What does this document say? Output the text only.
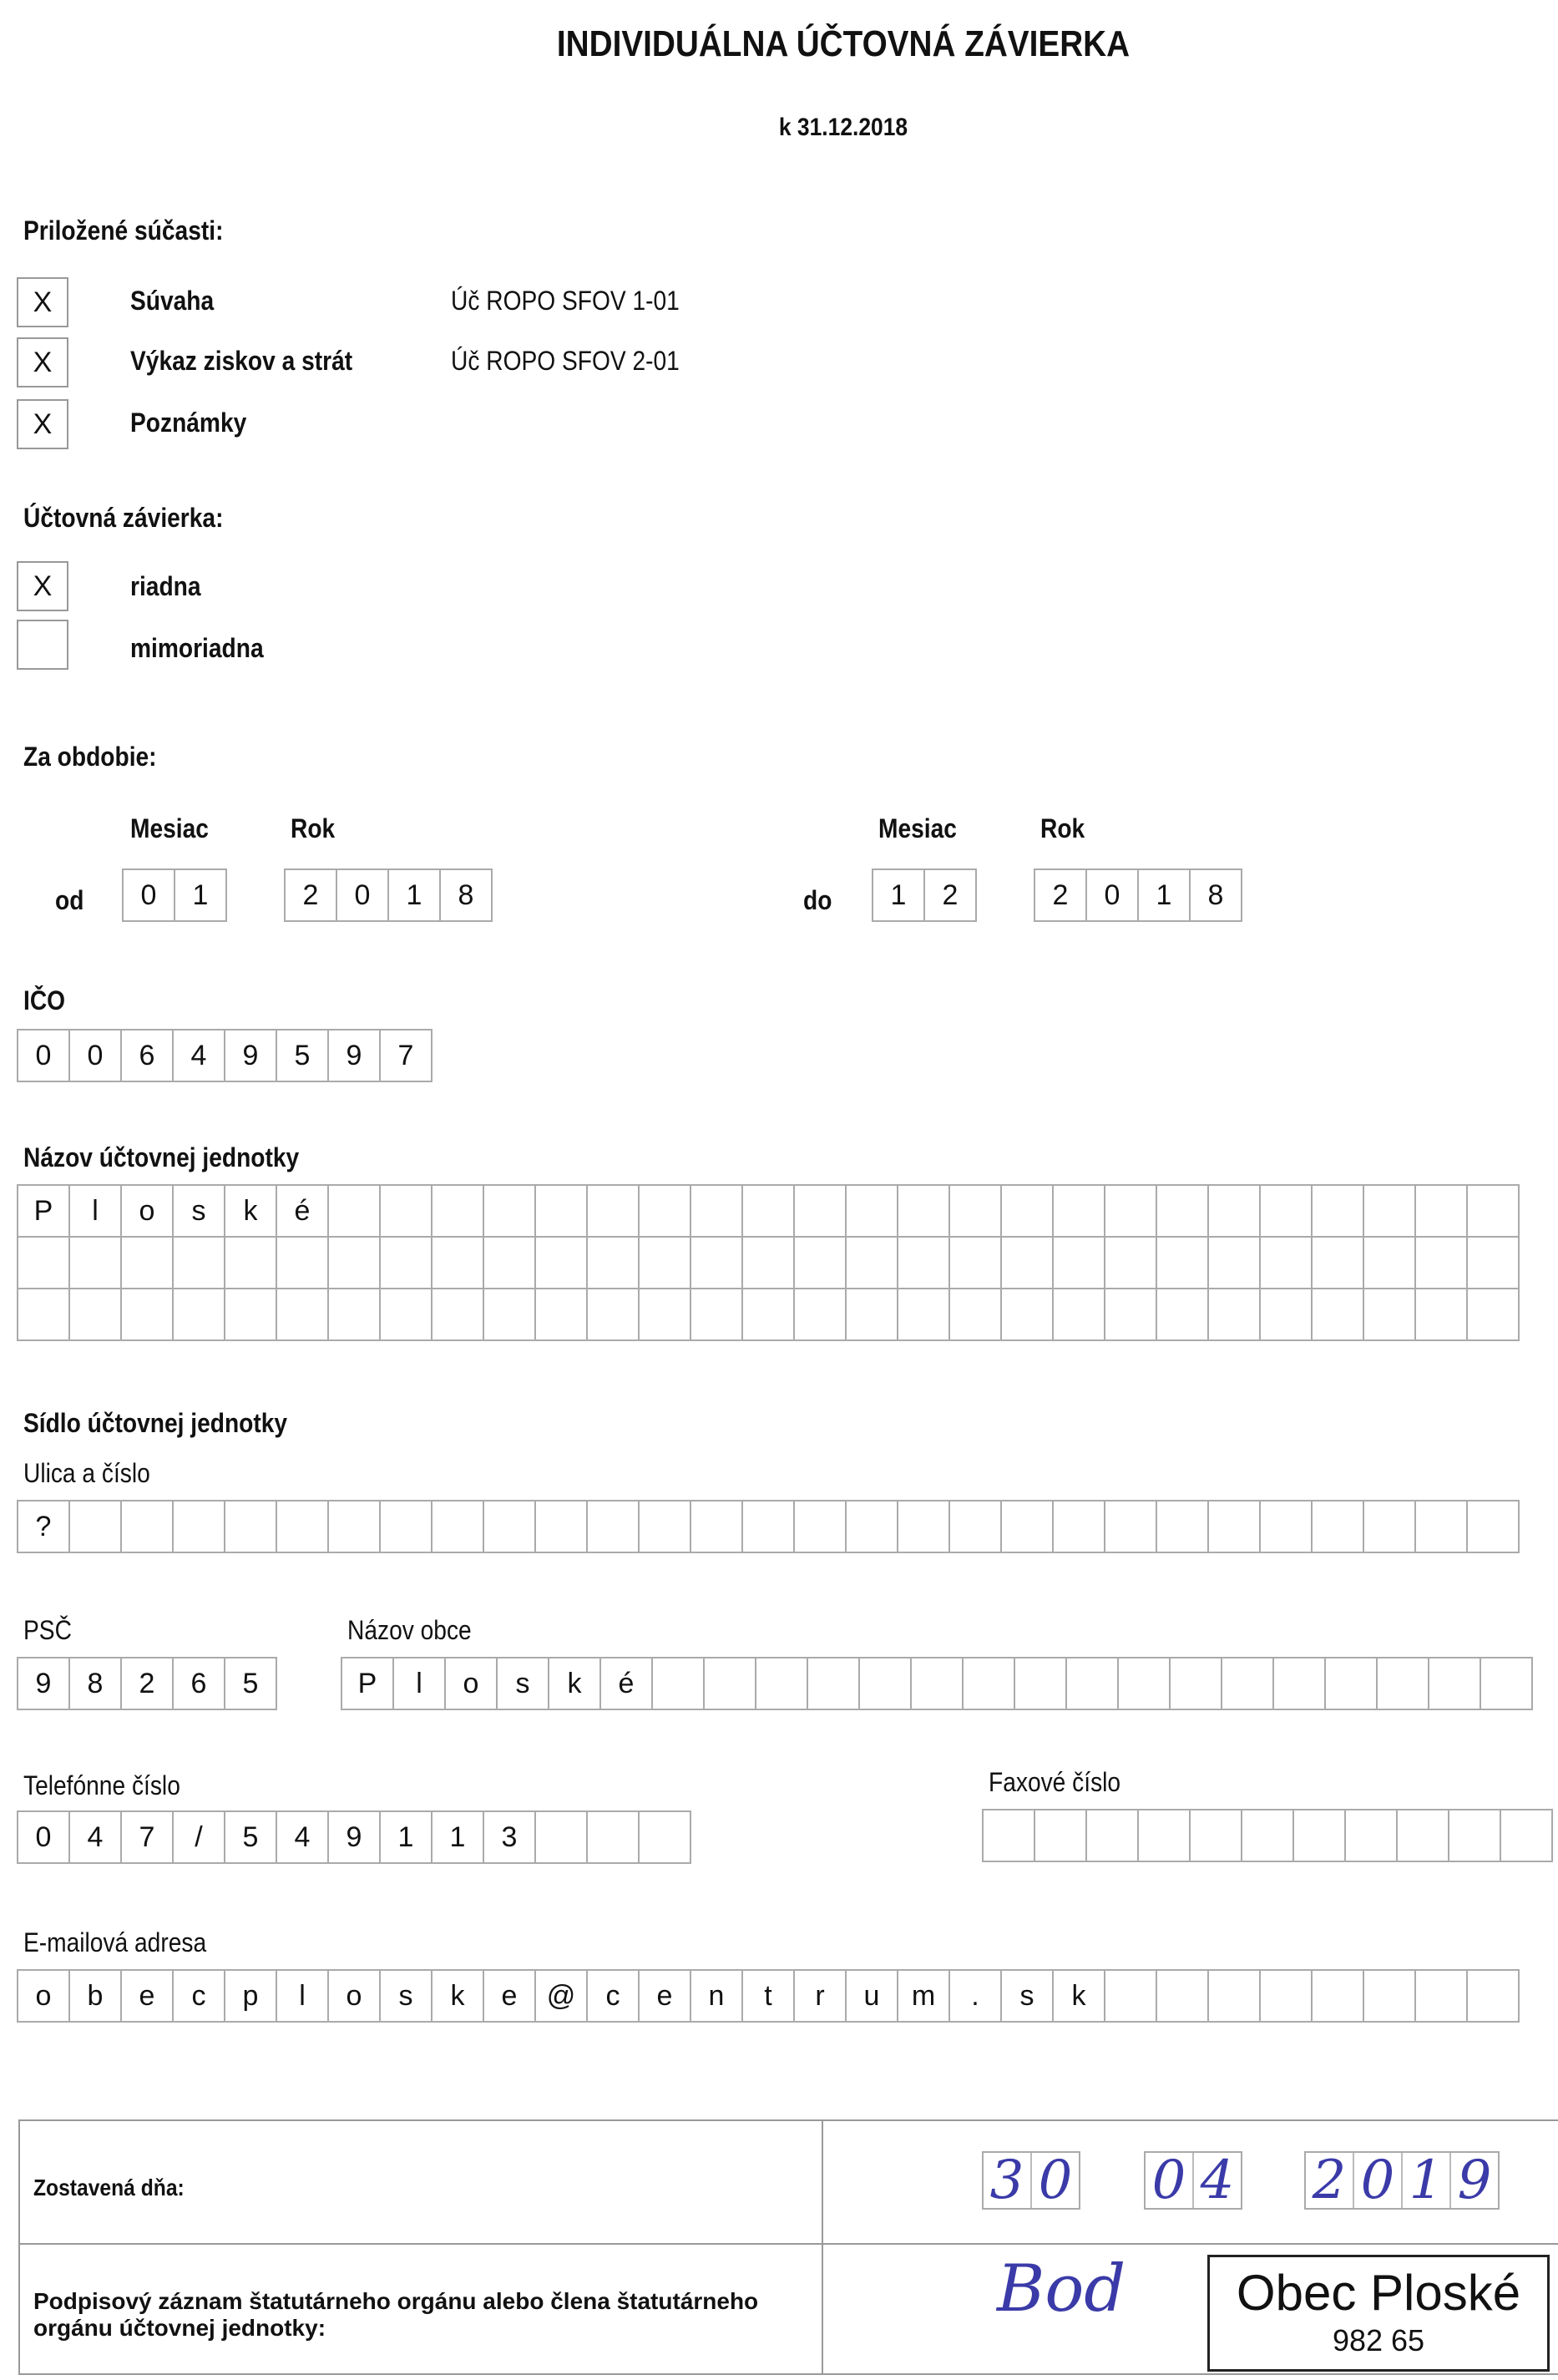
INDIVIDUÁLNA ÚČTOVNÁ ZÁVIERKA
k 31.12.2018
Priložené súčasti:
X	Súvaha	Úč ROPO SFOV 1-01
X	Výkaz ziskov a strát	Úč ROPO SFOV 2-01
X	Poznámky
Účtovná závierka:
X	riadna
mimoriadna
Za obdobie:
Mesiac	Rok	Mesiac	Rok
od	0	1	2	0	1	8	do	1	2	2	0	1	8
IČO
0	0	6	4	9	5	9	7
Názov účtovnej jednotky
P	l	o	s	k	é
Sídlo účtovnej jednotky
Ulica a číslo
?
PSČ
9	8	2	6	5
Názov obce
P	l	o	s	k	é
Telefónne číslo
0	4	7	/	5	4	9	1	1	3
Faxové číslo
E-mailová adresa
o	b	e	c	p	l	o	s	k	e	@	c	e	n	t	r	u	m	.	s	k
Zostavená dňa:	3 0 0 4 2 0 1 9
Podpisový záznam štatutárneho orgánu alebo člena štatutárneho orgánu účtovnej jednotky:
Bod	Obec Ploské
982 65
